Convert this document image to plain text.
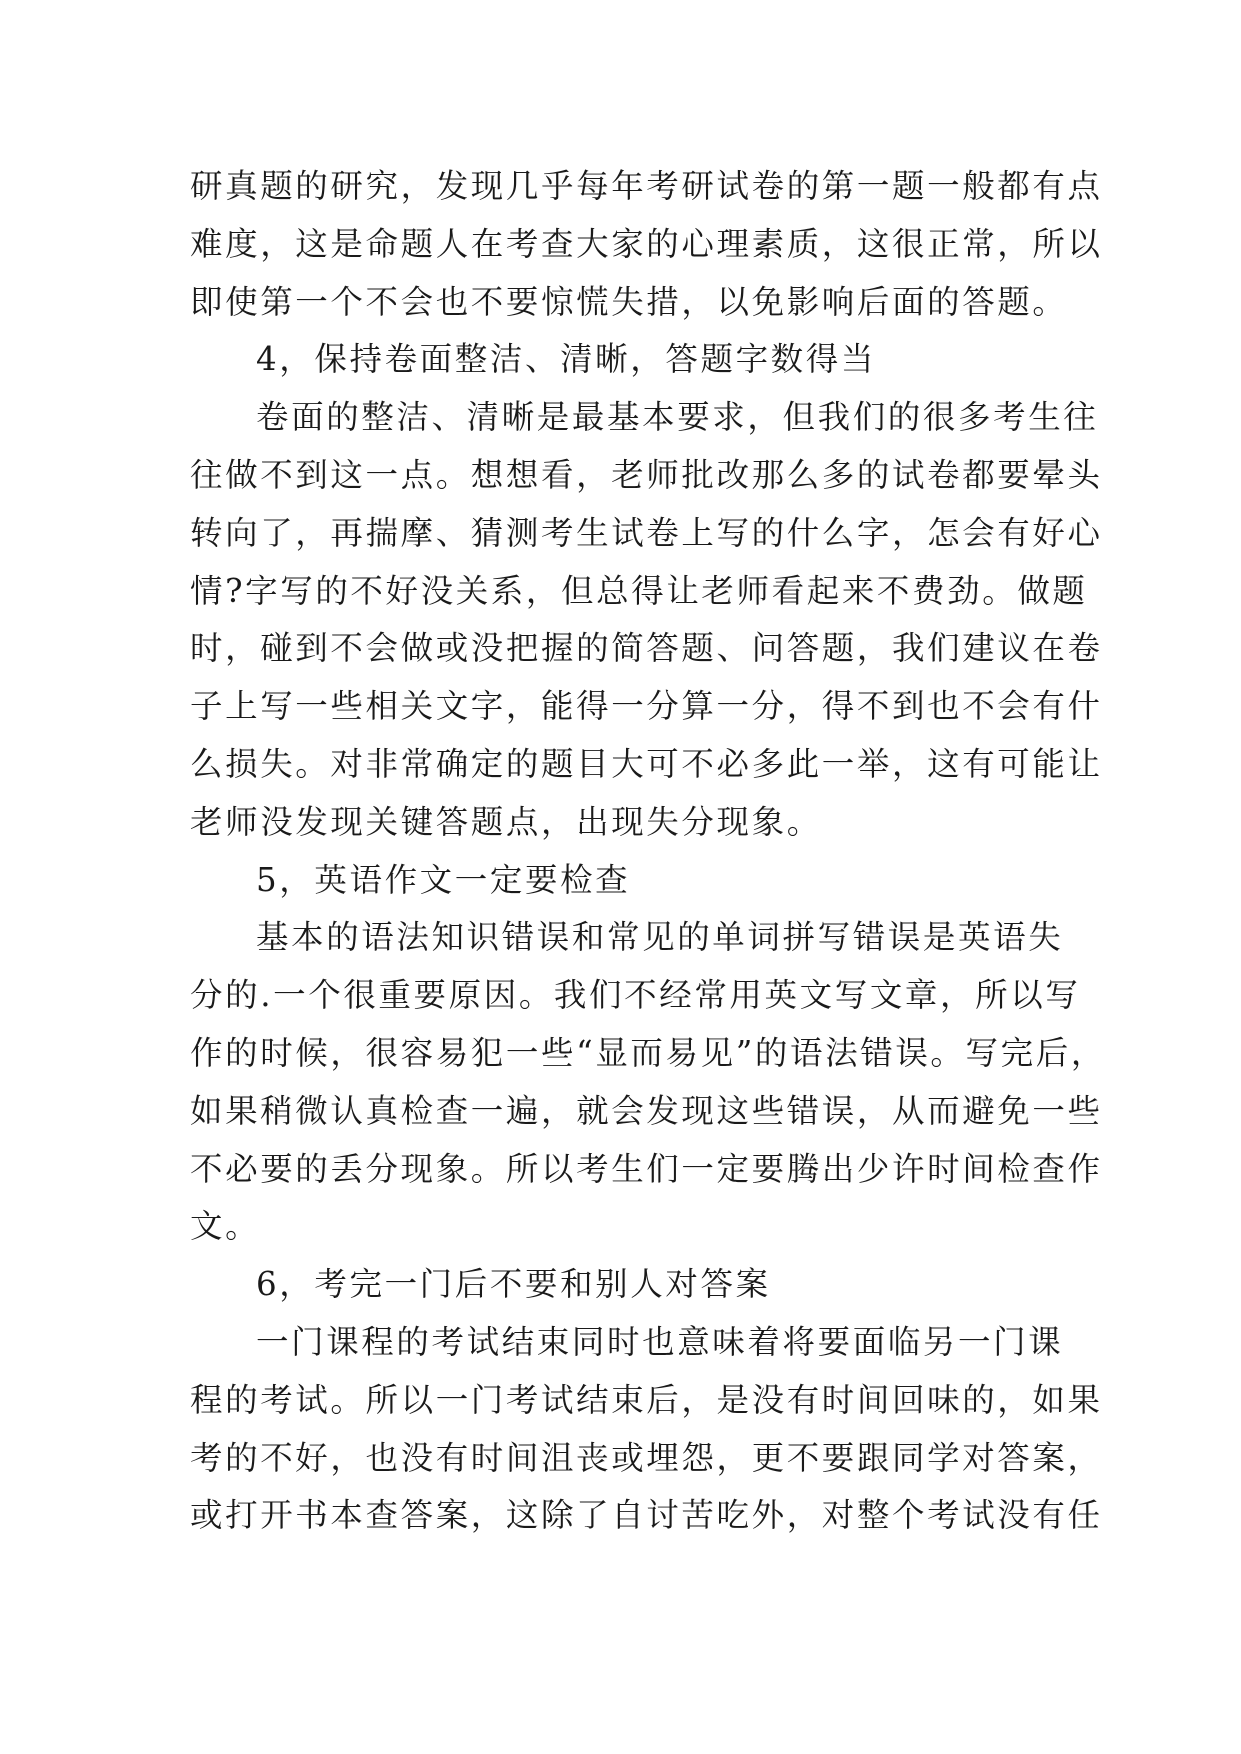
研真题的研究，发现几乎每年考研试卷的第一题一般都有点
难度，这是命题人在考查大家的心理素质，这很正常，所以
即使第一个不会也不要惊慌失措，以免影响后面的答题。
4，保持卷面整洁、清晰，答题字数得当
卷面的整洁、清晰是最基本要求，但我们的很多考生往
往做不到这一点。想想看，老师批改那么多的试卷都要晕头
转向了，再揣摩、猜测考生试卷上写的什么字，怎会有好心
情?字写的不好没关系，但总得让老师看起来不费劲。做题
时，碰到不会做或没把握的简答题、问答题，我们建议在卷
子上写一些相关文字，能得一分算一分，得不到也不会有什
么损失。对非常确定的题目大可不必多此一举，这有可能让
老师没发现关键答题点，出现失分现象。
5，英语作文一定要检查
基本的语法知识错误和常见的单词拼写错误是英语失
分的.一个很重要原因。我们不经常用英文写文章，所以写
作的时候，很容易犯一些“显而易见”的语法错误。写完后，
如果稍微认真检查一遍，就会发现这些错误，从而避免一些
不必要的丢分现象。所以考生们一定要腾出少许时间检查作
文。
6，考完一门后不要和别人对答案
一门课程的考试结束同时也意味着将要面临另一门课
程的考试。所以一门考试结束后，是没有时间回味的，如果
考的不好，也没有时间沮丧或埋怨，更不要跟同学对答案，
或打开书本查答案，这除了自讨苦吃外，对整个考试没有任
